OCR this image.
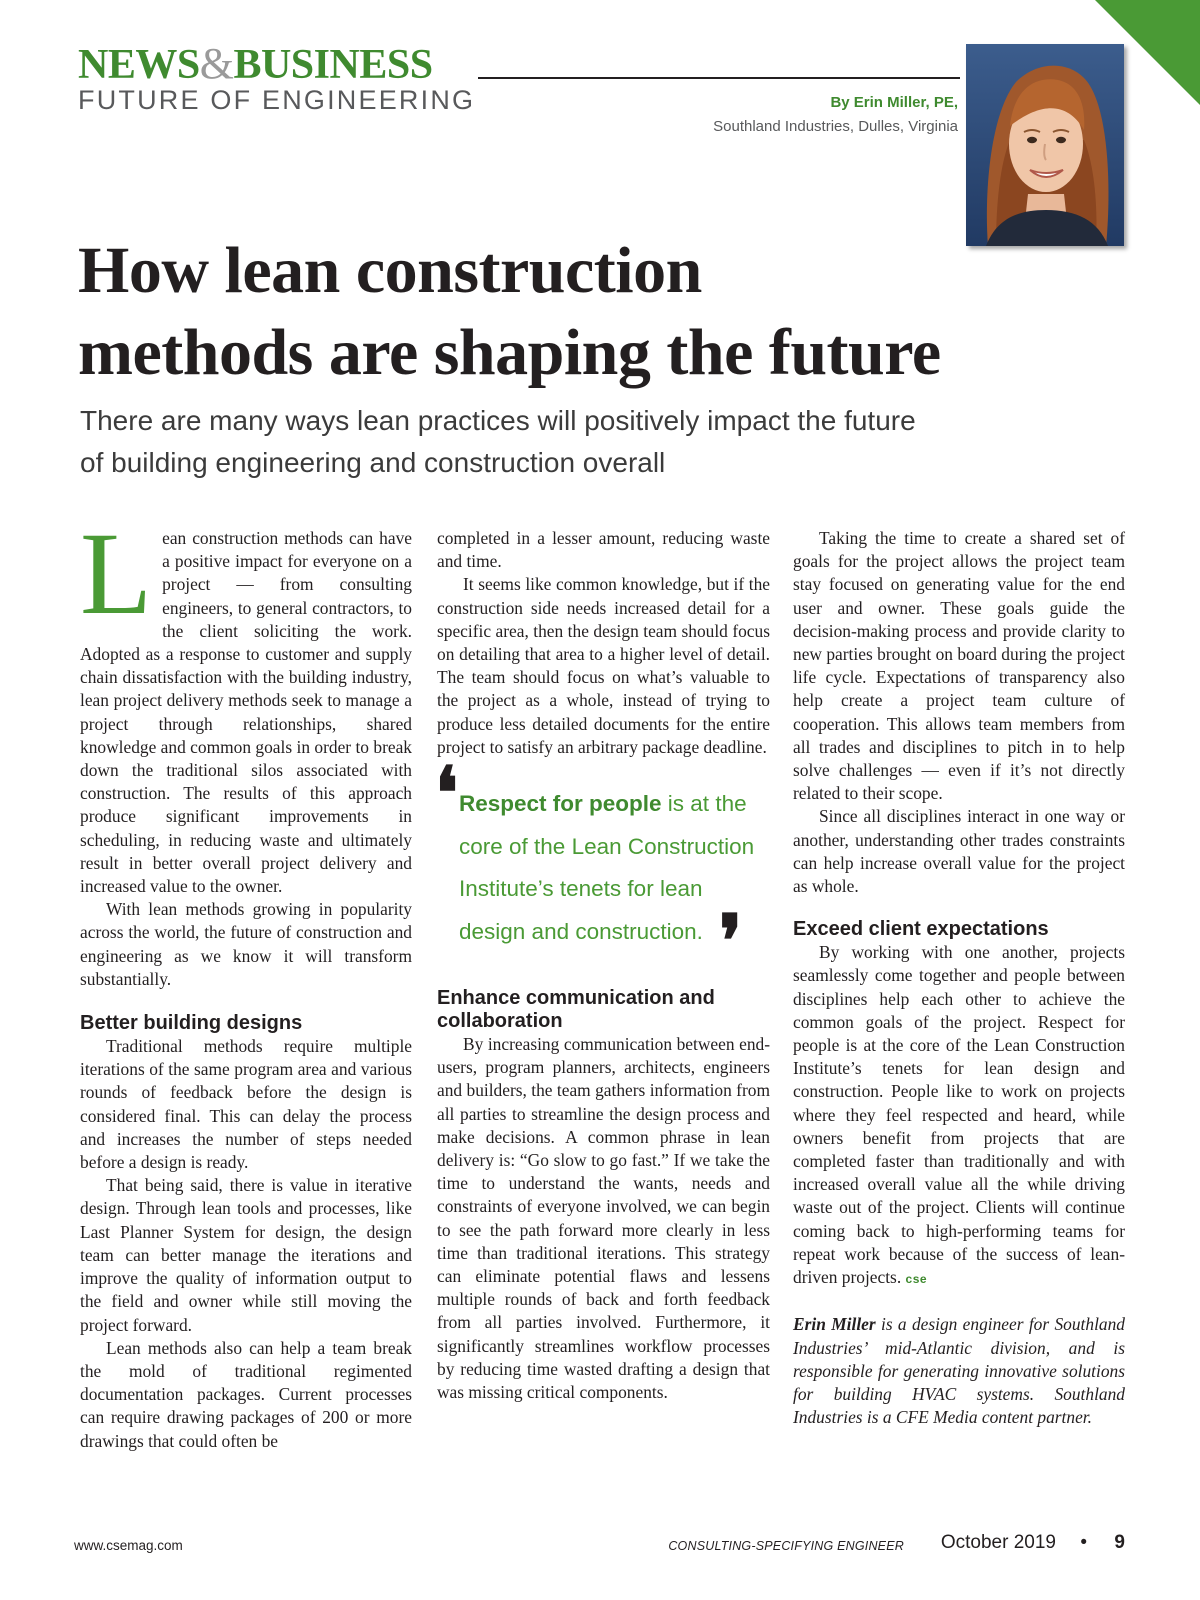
NEWS&BUSINESS
FUTURE OF ENGINEERING	By Erin Miller, PE,
Southland Industries, Dulles, Virginia
How lean construction
methods are shaping the future
There are many ways lean practices will positively impact the future
of building engineering and construction overall

Lean construction methods can have a positive impact for everyone on a project — from consulting engineers, to general contractors, to the client soliciting the work. Adopted as a response to customer and supply chain dissatisfaction with the building industry, lean project delivery methods seek to manage a project through relationships, shared knowledge and common goals in order to break down the traditional silos associated with construction. The results of this approach produce significant improvements in scheduling, in reducing waste and ultimately result in better overall project delivery and increased value to the owner.

With lean methods growing in popularity across the world, the future of construction and engineering as we know it will transform substantially.

Better building designs

Traditional methods require multiple iterations of the same program area and various rounds of feedback before the design is considered final. This can delay the process and increases the number of steps needed before a design is ready.

That being said, there is value in iterative design. Through lean tools and processes, like Last Planner System for design, the design team can better manage the iterations and improve the quality of information output to the field and owner while still moving the project forward.

Lean methods also can help a team break the mold of traditional regimented documentation packages. Current processes can require drawing packages of 200 or more drawings that could often be

completed in a lesser amount, reducing waste and time.

It seems like common knowledge, but if the construction side needs increased detail for a specific area, then the design team should focus on detailing that area to a higher level of detail. The team should focus on what’s valuable to the project as a whole, instead of trying to produce less detailed documents for the entire project to satisfy an arbitrary package deadline.

❛ Respect for people is at the core of the Lean Construction Institute’s tenets for lean design and construction. ❜
Enhance communication and collaboration

By increasing communication between end-users, program planners, architects, engineers and builders, the team gathers information from all parties to streamline the design process and make decisions. A common phrase in lean delivery is: “Go slow to go fast.” If we take the time to understand the wants, needs and constraints of everyone involved, we can begin to see the path forward more clearly in less time than traditional iterations. This strategy can eliminate potential flaws and lessens multiple rounds of back and forth feedback from all parties involved. Furthermore, it significantly streamlines workflow processes by reducing time wasted drafting a design that was missing critical components.

Taking the time to create a shared set of goals for the project allows the project team stay focused on generating value for the end user and owner. These goals guide the decision-making process and provide clarity to new parties brought on board during the project life cycle. Expectations of transparency also help create a project team culture of cooperation. This allows team members from all trades and disciplines to pitch in to help solve challenges — even if it’s not directly related to their scope.

Since all disciplines interact in one way or another, understanding other trades constraints can help increase overall value for the project as whole.

Exceed client expectations

By working with one another, projects seamlessly come together and people between disciplines help each other to achieve the common goals of the project. Respect for people is at the core of the Lean Construction Institute’s tenets for lean design and construction. People like to work on projects where they feel respected and heard, while owners benefit from projects that are completed faster than traditionally and with increased overall value all the while driving waste out of the project. Clients will continue coming back to high-performing teams for repeat work because of the success of lean-driven projects. cse

Erin Miller is a design engineer for Southland Industries’ mid-Atlantic division, and is responsible for generating innovative solutions for building HVAC systems. Southland Industries is a CFE Media content partner.

www.csemag.com	CONSULTING-SPECIFYING ENGINEER October 2019 • 9
